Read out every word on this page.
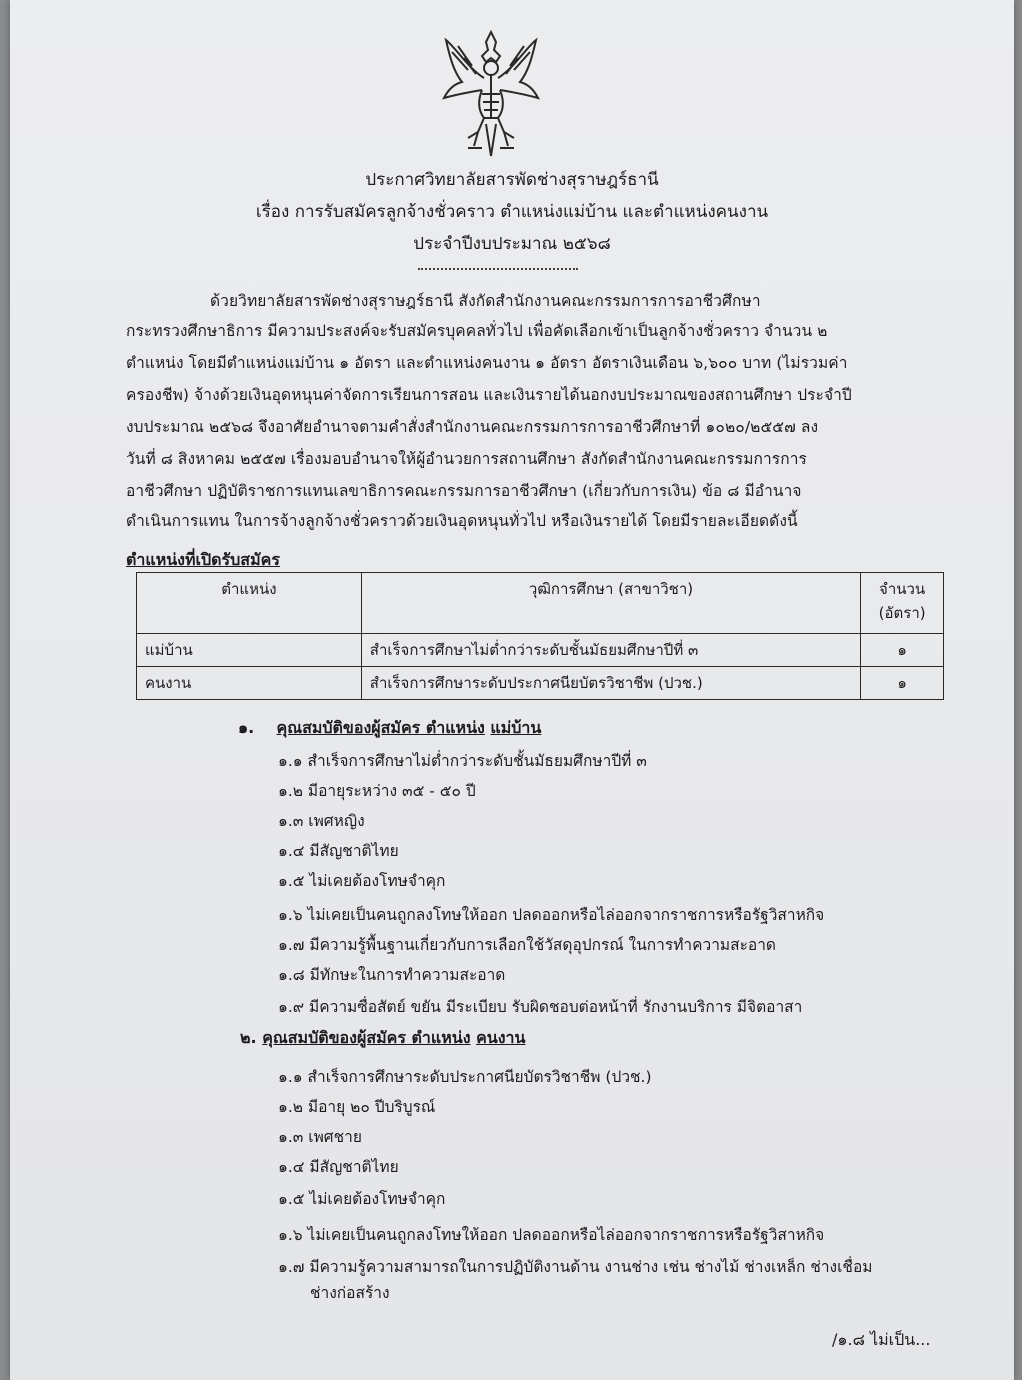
ประกาศวิทยาลัยสารพัดช่างสุราษฎร์ธานี
เรื่อง การรับสมัครลูกจ้างชั่วคราว ตำแหน่งแม่บ้าน และตำแหน่งคนงาน
ประจำปีงบประมาณ ๒๕๖๘
ด้วยวิทยาลัยสารพัดช่างสุราษฎร์ธานี สังกัดสำนักงานคณะกรรมการการอาชีวศึกษา
กระทรวงศึกษาธิการ มีความประสงค์จะรับสมัครบุคคลทั่วไป เพื่อคัดเลือกเข้าเป็นลูกจ้างชั่วคราว จำนวน ๒
ตำแหน่ง โดยมีตำแหน่งแม่บ้าน ๑ อัตรา และตำแหน่งคนงาน ๑ อัตรา อัตราเงินเดือน ๖,๖๐๐ บาท (ไม่รวมค่า
ครองชีพ) จ้างด้วยเงินอุดหนุนค่าจัดการเรียนการสอน และเงินรายได้นอกงบประมาณของสถานศึกษา ประจำปี
งบประมาณ ๒๕๖๘ จึงอาศัยอำนาจตามคำสั่งสำนักงานคณะกรรมการการอาชีวศึกษาที่ ๑๐๒๐/๒๕๕๗ ลง
วันที่ ๘ สิงหาคม ๒๕๕๗ เรื่องมอบอำนาจให้ผู้อำนวยการสถานศึกษา สังกัดสำนักงานคณะกรรมการการ
อาชีวศึกษา ปฏิบัติราชการแทนเลขาธิการคณะกรรมการอาชีวศึกษา (เกี่ยวกับการเงิน) ข้อ ๘ มีอำนาจ
ดำเนินการแทน ในการจ้างลูกจ้างชั่วคราวด้วยเงินอุดหนุนทั่วไป หรือเงินรายได้ โดยมีรายละเอียดดังนี้
ตำแหน่งที่เปิดรับสมัคร
ตำแหน่ง	วุฒิการศึกษา (สาขาวิชา)	จำนวน
(อัตรา)
แม่บ้าน	สำเร็จการศึกษาไม่ต่ำกว่าระดับชั้นมัธยมศึกษาปีที่ ๓	๑
คนงาน	สำเร็จการศึกษาระดับประกาศนียบัตรวิชาชีพ (ปวช.)	๑
๑. คุณสมบัติของผู้สมัคร ตำแหน่ง แม่บ้าน
๑.๑ สำเร็จการศึกษาไม่ต่ำกว่าระดับชั้นมัธยมศึกษาปีที่ ๓
๑.๒ มีอายุระหว่าง ๓๕ - ๕๐ ปี
๑.๓ เพศหญิง
๑.๔ มีสัญชาติไทย
๑.๕ ไม่เคยต้องโทษจำคุก
๑.๖ ไม่เคยเป็นคนถูกลงโทษให้ออก ปลดออกหรือไล่ออกจากราชการหรือรัฐวิสาหกิจ
๑.๗ มีความรู้พื้นฐานเกี่ยวกับการเลือกใช้วัสดุอุปกรณ์ ในการทำความสะอาด
๑.๘ มีทักษะในการทำความสะอาด
๑.๙ มีความซื่อสัตย์ ขยัน มีระเบียบ รับผิดชอบต่อหน้าที่ รักงานบริการ มีจิตอาสา
๒. คุณสมบัติของผู้สมัคร ตำแหน่ง คนงาน
๑.๑ สำเร็จการศึกษาระดับประกาศนียบัตรวิชาชีพ (ปวช.)
๑.๒ มีอายุ ๒๐ ปีบริบูรณ์
๑.๓ เพศชาย
๑.๔ มีสัญชาติไทย
๑.๕ ไม่เคยต้องโทษจำคุก
๑.๖ ไม่เคยเป็นคนถูกลงโทษให้ออก ปลดออกหรือไล่ออกจากราชการหรือรัฐวิสาหกิจ
๑.๗ มีความรู้ความสามารถในการปฏิบัติงานด้าน งานช่าง เช่น ช่างไม้ ช่างเหล็ก ช่างเชื่อม
ช่างก่อสร้าง
/๑.๘ ไม่เป็น...
